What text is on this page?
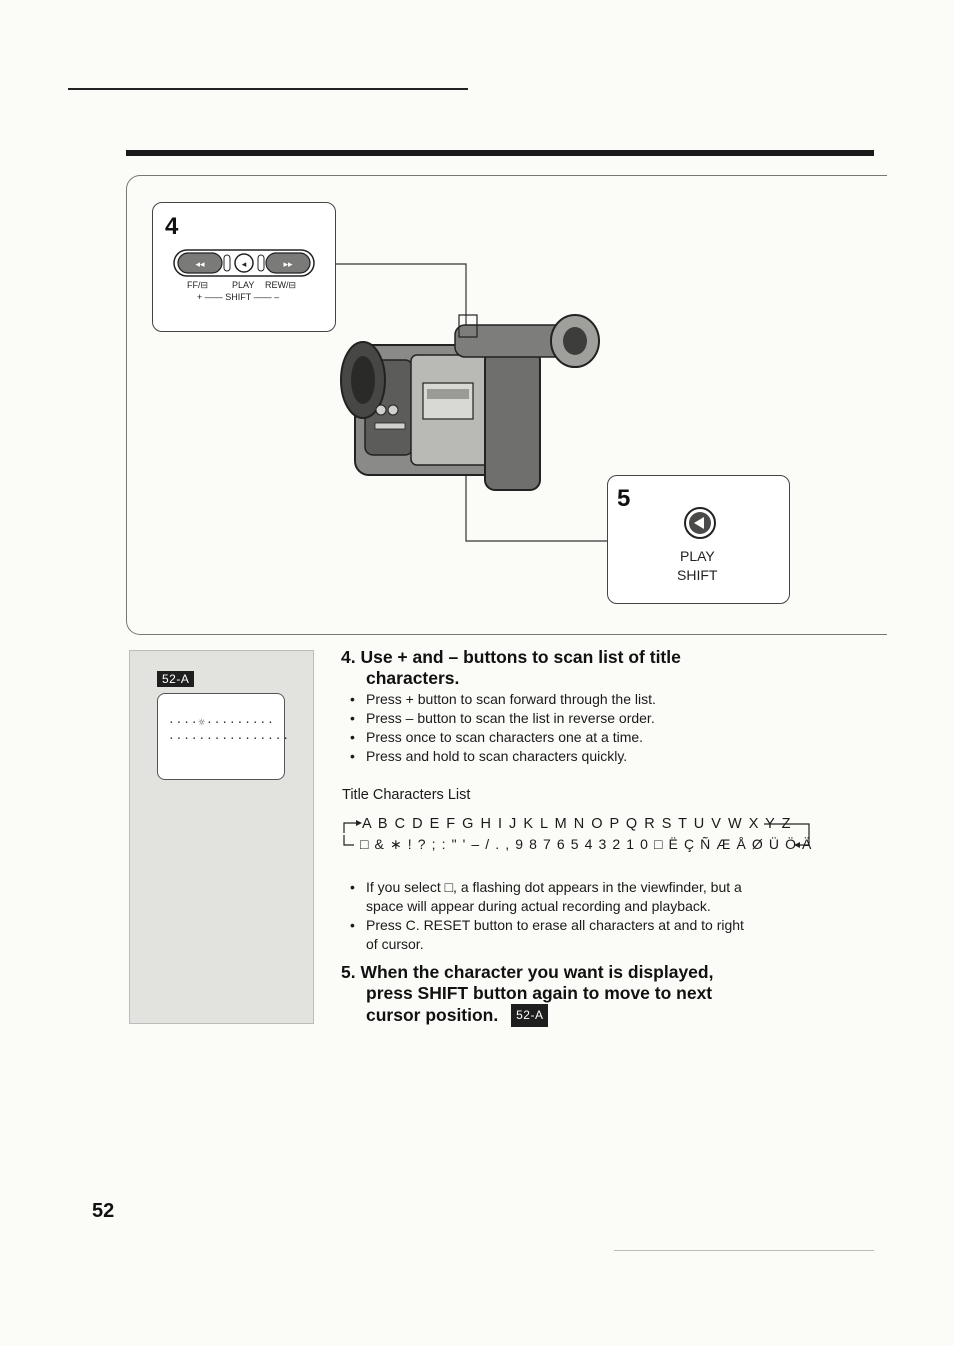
4
◂◂	◂	▸▸
FF/⊟	PLAY REW/⊟
+ —— SHIFT —— –
5
PLAY
SHIFT
52-A
····☼·········
················
4. Use + and – buttons to scan list of title
characters.
• Press + button to scan forward through the list.
• Press – button to scan the list in reverse order.
• Press once to scan characters one at a time.
• Press and hold to scan characters quickly.
Title Characters List
A B C D E F G H I J K L M N O P Q R S T U V W X Y Z
□ & ∗ ! ? ; : " ' – / . , 9 8 7 6 5 4 3 2 1 0 □ Ë Ç Ñ Æ Å Ø Ü Ö Ä
• If you select □, a flashing dot appears in the viewfinder, but a
space will appear during actual recording and playback.
• Press C. RESET button to erase all characters at and to right
of cursor.
5. When the character you want is displayed,
press SHIFT button again to move to next
cursor position. 52-A
52
